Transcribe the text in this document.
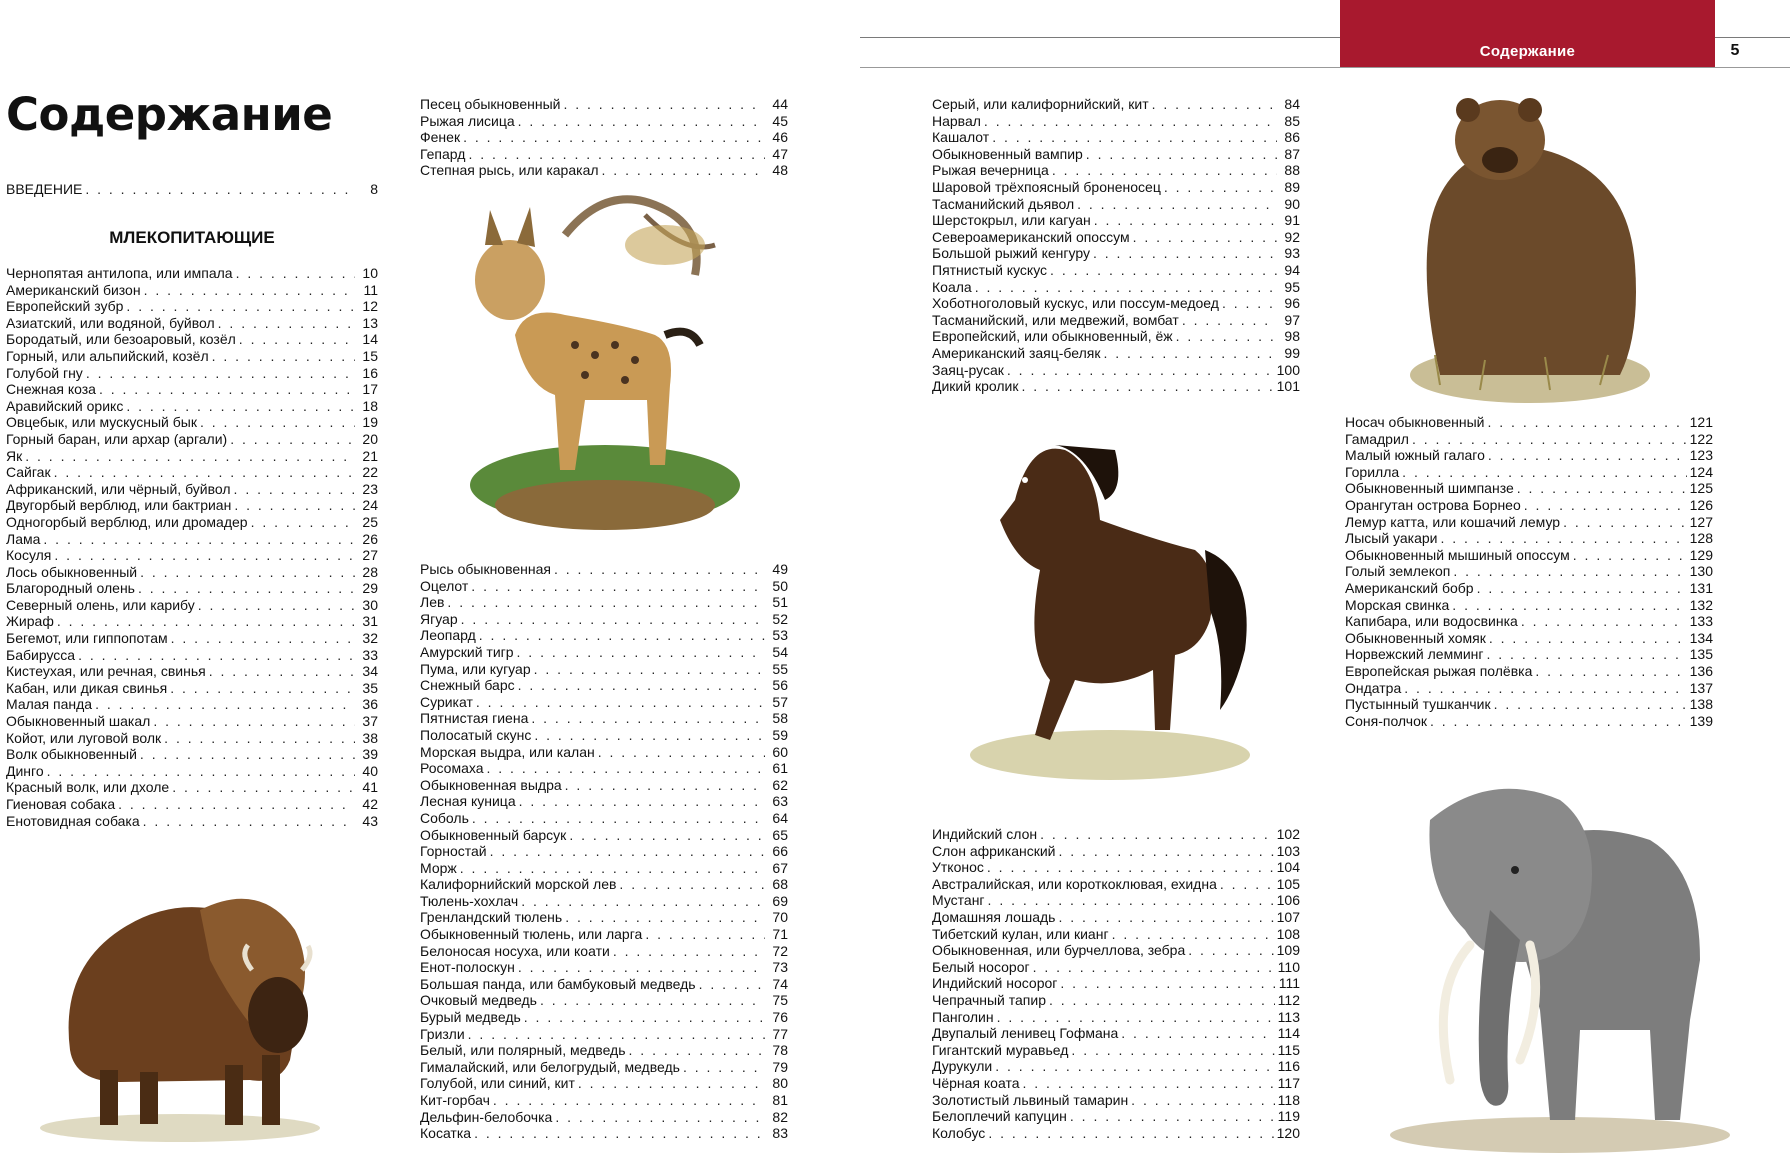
Содержание	5
Содержание
ВВЕДЕНИЕ . . .	8
МЛЕКОПИТАЮЩИЕ
Чернопятая антилопа, или импала . . .	10
Американский бизон . . .	11
Европейский зубр . . .	12
Азиатский, или водяной, буйвол . . .	13
Бородатый, или безоаровый, козёл . . .	14
Горный, или альпийский, козёл . . .	15
Голубой гну . . .	16
Снежная коза . . .	17
Аравийский орикс . . .	18
Овцебык, или мускусный бык . . .	19
Горный баран, или архар (аргали) . . .	20
Як . . .	21
Сайгак . . .	22
Африканский, или чёрный, буйвол . . .	23
Двугорбый верблюд, или бактриан . . .	24
Одногорбый верблюд, или дромадер . . .	25
Лама . . .	26
Косуля . . .	27
Лось обыкновенный . . .	28
Благородный олень . . .	29
Северный олень, или карибу . . .	30
Жираф . . .	31
Бегемот, или гиппопотам . . .	32
Бабирусса . . .	33
Кистеухая, или речная, свинья . . .	34
Кабан, или дикая свинья . . .	35
Малая панда . . .	36
Обыкновенный шакал . . .	37
Койот, или луговой волк . . .	38
Волк обыкновенный . . .	39
Динго . . .	40
Красный волк, или дхоле . . .	41
Гиеновая собака . . .	42
Енотовидная собака . . .	43
Песец обыкновенный . . .	44
Рыжая лисица . . .	45
Фенек . . .	46
Гепард . . .	47
Степная рысь, или каракал . . .	48
Рысь обыкновенная . . .	49
Оцелот . . .	50
Лев . . .	51
Ягуар . . .	52
Леопард . . .	53
Амурский тигр . . .	54
Пума, или кугуар . . .	55
Снежный барс . . .	56
Сурикат . . .	57
Пятнистая гиена . . .	58
Полосатый скунс . . .	59
Морская выдра, или калан . . .	60
Росомаха . . .	61
Обыкновенная выдра . . .	62
Лесная куница . . .	63
Соболь . . .	64
Обыкновенный барсук . . .	65
Горностай . . .	66
Морж . . .	67
Калифорнийский морской лев . . .	68
Тюлень-хохлач . . .	69
Гренландский тюлень . . .	70
Обыкновенный тюлень, или ларга . . .	71
Белоносая носуха, или коати . . .	72
Енот-полоскун . . .	73
Большая панда, или бамбуковый медведь . . .	74
Очковый медведь . . .	75
Бурый медведь . . .	76
Гризли . . .	77
Белый, или полярный, медведь . . .	78
Гималайский, или белогрудый, медведь . . .	79
Голубой, или синий, кит . . .	80
Кит-горбач . . .	81
Дельфин-белобочка . . .	82
Косатка . . .	83
Серый, или калифорнийский, кит . . .	84
Нарвал . . .	85
Кашалот . . .	86
Обыкновенный вампир . . .	87
Рыжая вечерница . . .	88
Шаровой трёхпоясный броненосец . . .	89
Тасманийский дьявол . . .	90
Шерстокрыл, или кагуан . . .	91
Североамериканский опоссум . . .	92
Большой рыжий кенгуру . . .	93
Пятнистый кускус . . .	94
Коала . . .	95
Хоботноголовый кускус, или поссум-медоед . . .	96
Тасманийский, или медвежий, вомбат . . .	97
Европейский, или обыкновенный, ёж . . .	98
Американский заяц-беляк . . .	99
Заяц-русак . . .	100
Дикий кролик . . .	101
Индийский слон . . .	102
Слон африканский . . .	103
Утконос . . .	104
Австралийская, или короткоклювая, ехидна . . .	105
Мустанг . . .	106
Домашняя лошадь . . .	107
Тибетский кулан, или кианг . . .	108
Обыкновенная, или бурчеллова, зебра . . .	109
Белый носорог . . .	110
Индийский носорог . . .	111
Чепрачный тапир . . .	112
Панголин . . .	113
Двупалый ленивец Гофмана . . .	114
Гигантский муравьед . . .	115
Дурукули . . .	116
Чёрная коата . . .	117
Золотистый львиный тамарин . . .	118
Белоплечий капуцин . . .	119
Колобус . . .	120
Носач обыкновенный . . .	121
Гамадрил . . .	122
Малый южный галаго . . .	123
Горилла . . .	124
Обыкновенный шимпанзе . . .	125
Орангутан острова Борнео . . .	126
Лемур катта, или кошачий лемур . . .	127
Лысый уакари . . .	128
Обыкновенный мышиный опоссум . . .	129
Голый землекоп . . .	130
Американский бобр . . .	131
Морская свинка . . .	132
Капибара, или водосвинка . . .	133
Обыкновенный хомяк . . .	134
Норвежский лемминг . . .	135
Европейская рыжая полёвка . . .	136
Ондатра . . .	137
Пустынный тушканчик . . .	138
Соня-полчок . . .	139
